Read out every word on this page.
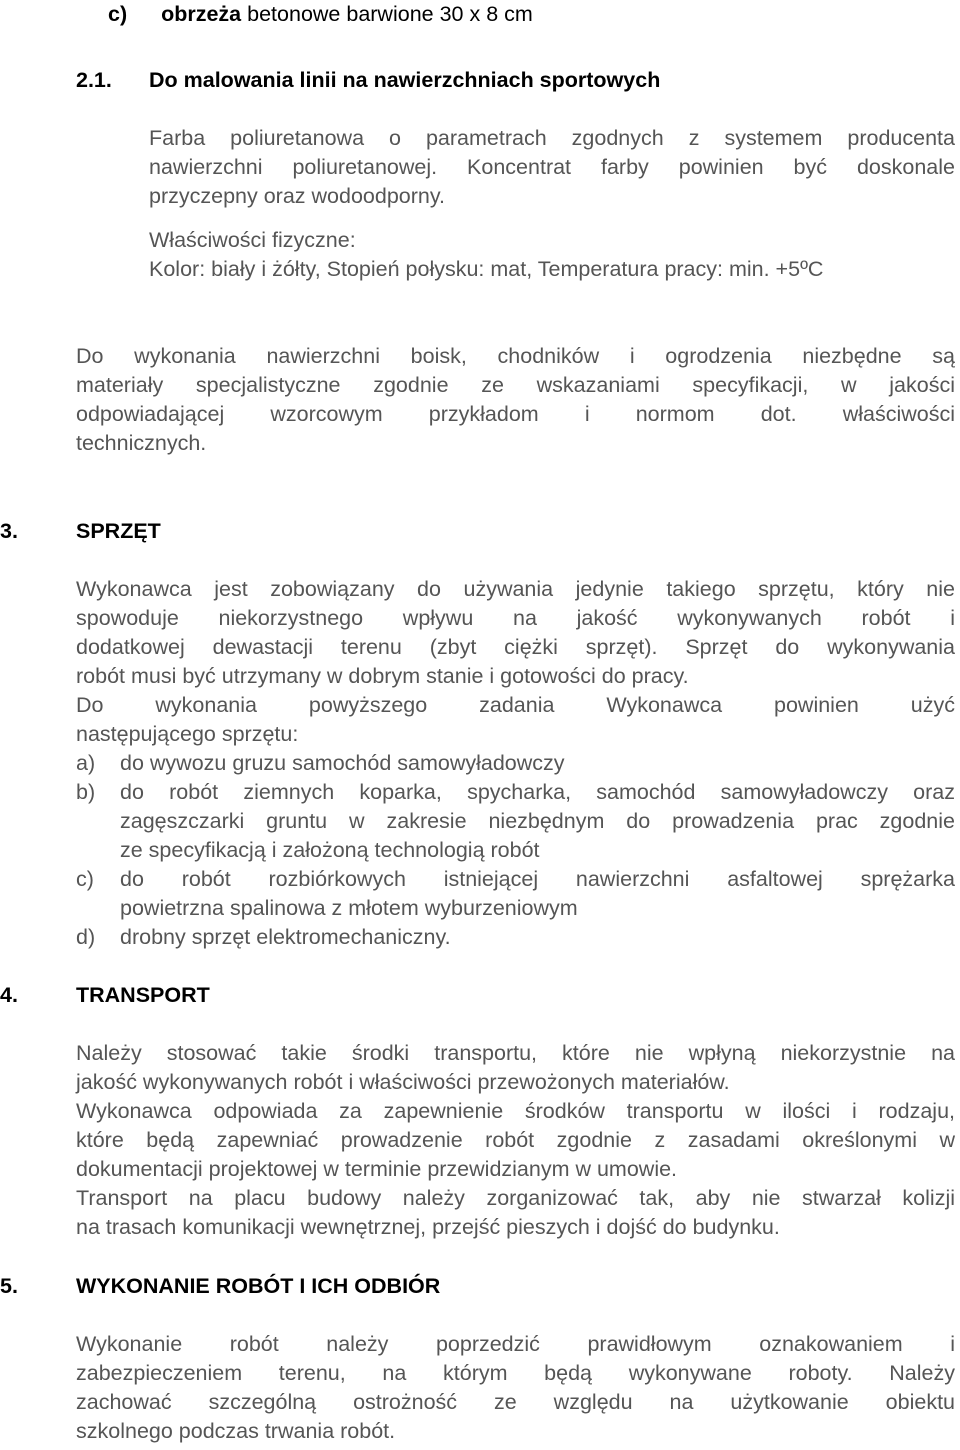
c) obrzeża betonowe barwione 30 x 8 cm
2.1. Do malowania linii na nawierzchniach sportowych
Farba poliuretanowa o parametrach zgodnych z systemem producenta
nawierzchni poliuretanowej. Koncentrat farby powinien być doskonale
przyczepny oraz wodoodporny.
Właściwości fizyczne:
Kolor: biały i żółty, Stopień połysku: mat, Temperatura pracy: min. +5ºC
Do wykonania nawierzchni boisk, chodników i ogrodzenia niezbędne są
materiały specjalistyczne zgodnie ze wskazaniami specyfikacji, w jakości
odpowiadającej wzorcowym przykładom i normom dot. właściwości
technicznych.
3.	SPRZĘT
Wykonawca jest zobowiązany do używania jedynie takiego sprzętu, który nie
spowoduje niekorzystnego wpływu na jakość wykonywanych robót i
dodatkowej dewastacji terenu (zbyt ciężki sprzęt). Sprzęt do wykonywania
robót musi być utrzymany w dobrym stanie i gotowości do pracy.
Do wykonania powyższego zadania Wykonawca powinien użyć
następującego sprzętu:
a) do wywozu gruzu samochód samowyładowczy
b) do robót ziemnych koparka, spycharka, samochód samowyładowczy oraz
zagęszczarki gruntu w zakresie niezbędnym do prowadzenia prac zgodnie
ze specyfikacją i założoną technologią robót
c) do robót rozbiórkowych istniejącej nawierzchni asfaltowej sprężarka
powietrzna spalinowa z młotem wyburzeniowym
d) drobny sprzęt elektromechaniczny.
4.	TRANSPORT
Należy stosować takie środki transportu, które nie wpłyną niekorzystnie na
jakość wykonywanych robót i właściwości przewożonych materiałów.
Wykonawca odpowiada za zapewnienie środków transportu w ilości i rodzaju,
które będą zapewniać prowadzenie robót zgodnie z zasadami określonymi w
dokumentacji projektowej w terminie przewidzianym w umowie.
Transport na placu budowy należy zorganizować tak, aby nie stwarzał kolizji
na trasach komunikacji wewnętrznej, przejść pieszych i dojść do budynku.
5.	WYKONANIE ROBÓT I ICH ODBIÓR
Wykonanie robót należy poprzedzić prawidłowym oznakowaniem i
zabezpieczeniem terenu, na którym będą wykonywane roboty. Należy
zachować szczególną ostrożność ze względu na użytkowanie obiektu
szkolnego podczas trwania robót.
